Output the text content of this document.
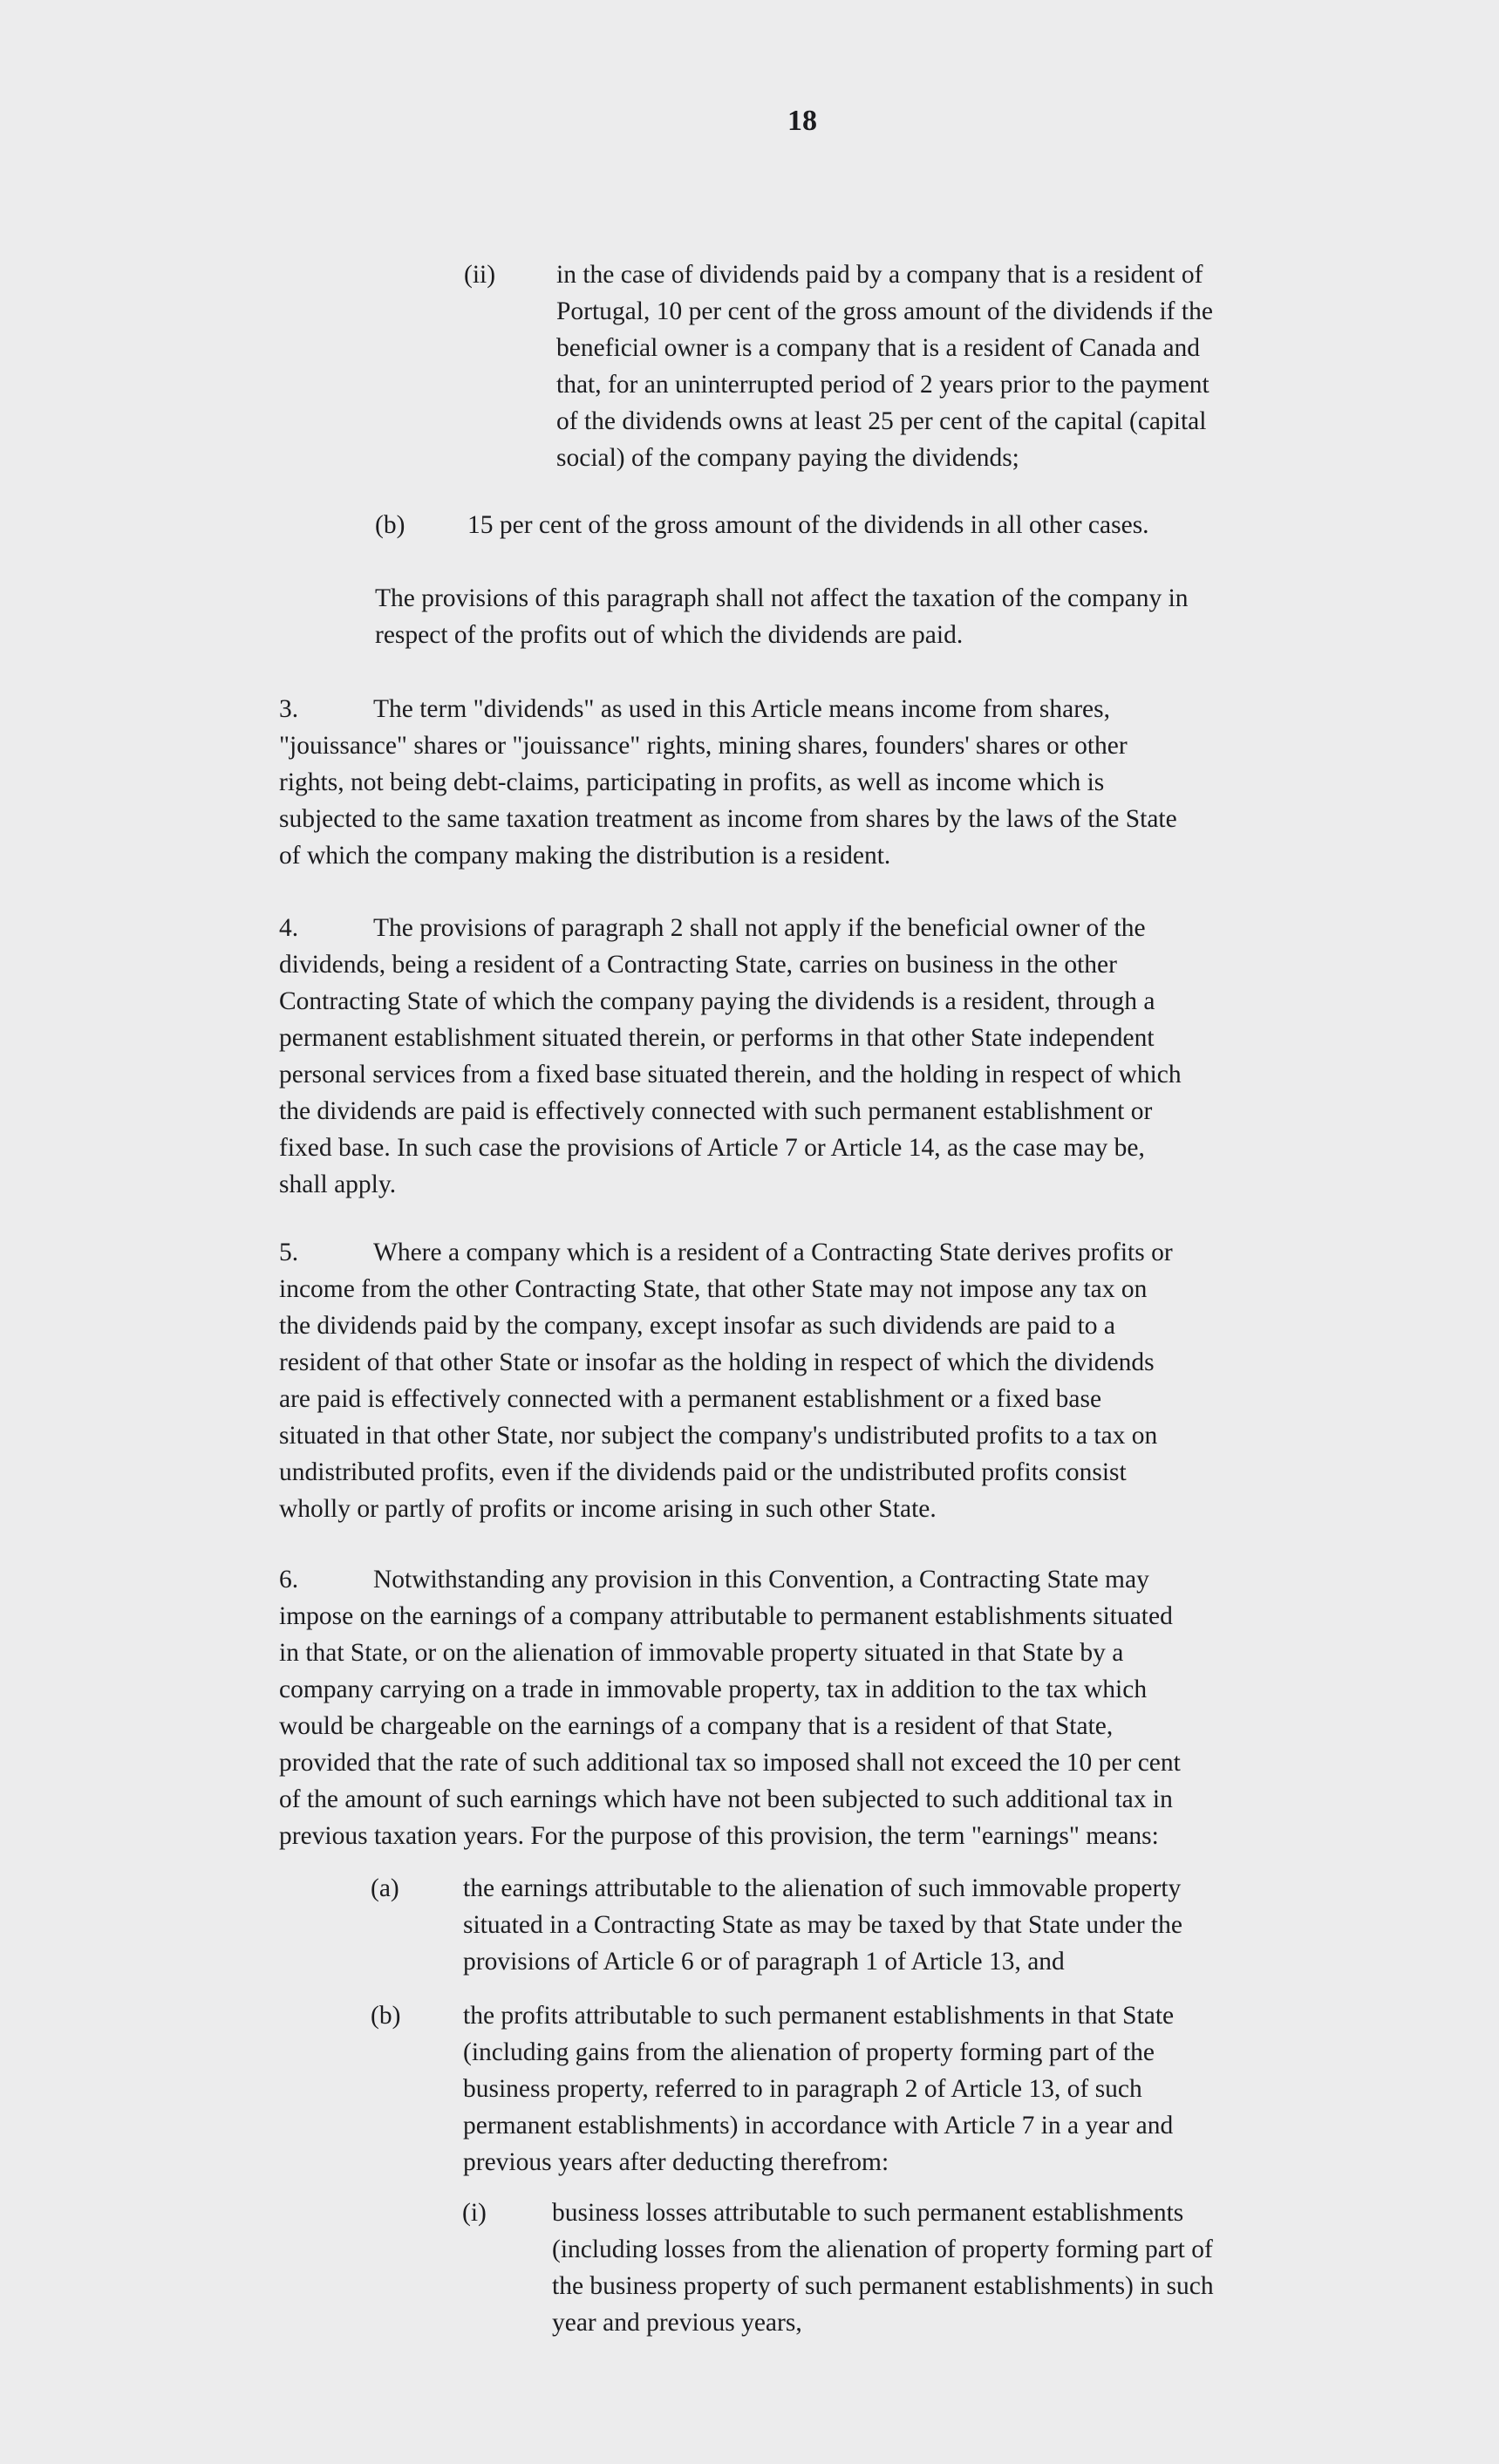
18
(ii) in the case of dividends paid by a company that is a resident of
Portugal, 10 per cent of the gross amount of the dividends if the
beneficial owner is a company that is a resident of Canada and
that, for an uninterrupted period of 2 years prior to the payment
of the dividends owns at least 25 per cent of the capital (capital
social) of the company paying the dividends;
(b) 15 per cent of the gross amount of the dividends in all other cases.
The provisions of this paragraph shall not affect the taxation of the company in
respect of the profits out of which the dividends are paid.
3.	The term "dividends" as used in this Article means income from shares,
"jouissance" shares or "jouissance" rights, mining shares, founders' shares or other
rights, not being debt-claims, participating in profits, as well as income which is
subjected to the same taxation treatment as income from shares by the laws of the State
of which the company making the distribution is a resident.
4.	The provisions of paragraph 2 shall not apply if the beneficial owner of the
dividends, being a resident of a Contracting State, carries on business in the other
Contracting State of which the company paying the dividends is a resident, through a
permanent establishment situated therein, or performs in that other State independent
personal services from a fixed base situated therein, and the holding in respect of which
the dividends are paid is effectively connected with such permanent establishment or
fixed base. In such case the provisions of Article 7 or Article 14, as the case may be,
shall apply.
5.	Where a company which is a resident of a Contracting State derives profits or
income from the other Contracting State, that other State may not impose any tax on
the dividends paid by the company, except insofar as such dividends are paid to a
resident of that other State or insofar as the holding in respect of which the dividends
are paid is effectively connected with a permanent establishment or a fixed base
situated in that other State, nor subject the company's undistributed profits to a tax on
undistributed profits, even if the dividends paid or the undistributed profits consist
wholly or partly of profits or income arising in such other State.
6.	Notwithstanding any provision in this Convention, a Contracting State may
impose on the earnings of a company attributable to permanent establishments situated
in that State, or on the alienation of immovable property situated in that State by a
company carrying on a trade in immovable property, tax in addition to the tax which
would be chargeable on the earnings of a company that is a resident of that State,
provided that the rate of such additional tax so imposed shall not exceed the 10 per cent
of the amount of such earnings which have not been subjected to such additional tax in
previous taxation years. For the purpose of this provision, the term "earnings" means:
(a) the earnings attributable to the alienation of such immovable property
situated in a Contracting State as may be taxed by that State under the
provisions of Article 6 or of paragraph 1 of Article 13, and
(b) the profits attributable to such permanent establishments in that State
(including gains from the alienation of property forming part of the
business property, referred to in paragraph 2 of Article 13, of such
permanent establishments) in accordance with Article 7 in a year and
previous years after deducting therefrom:
(i)	business losses attributable to such permanent establishments
(including losses from the alienation of property forming part of
the business property of such permanent establishments) in such
year and previous years,
